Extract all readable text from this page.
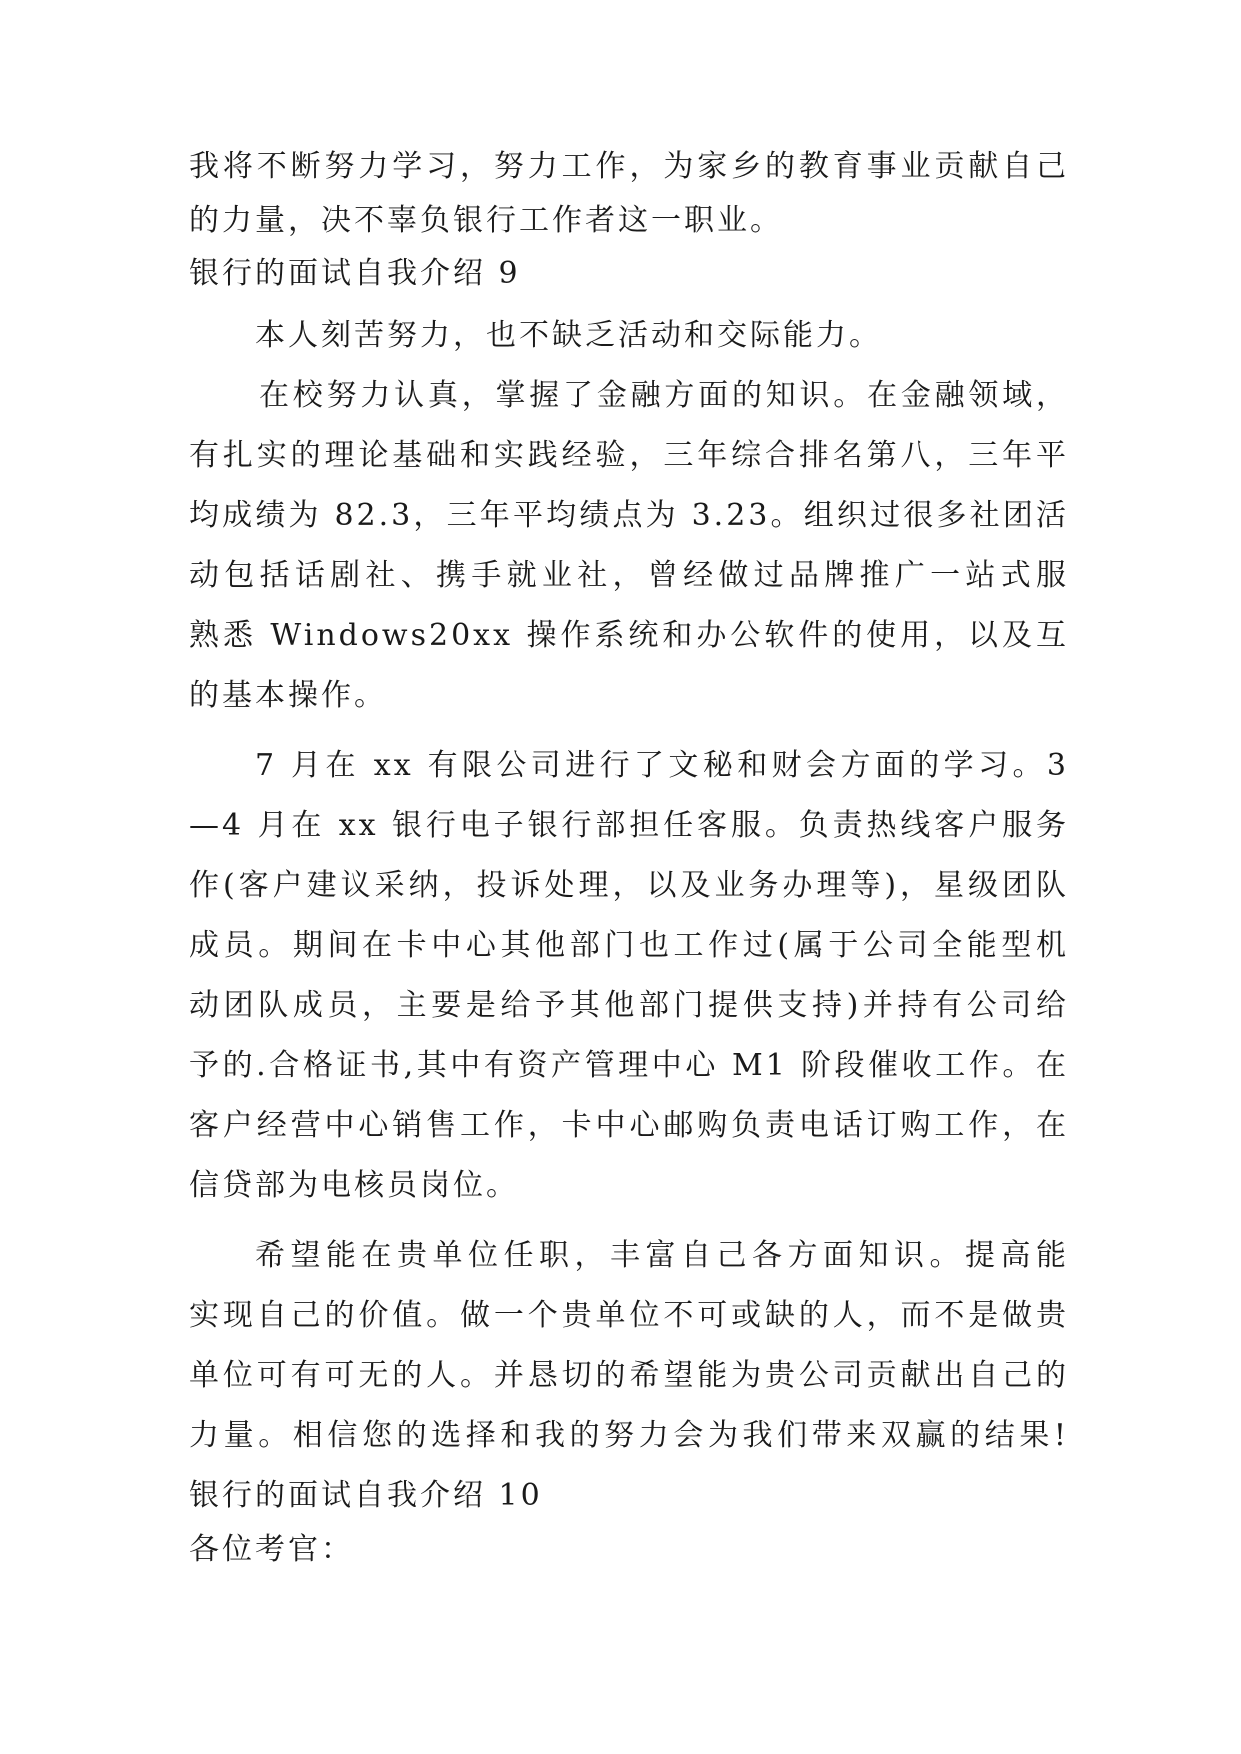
我将不断努力学习，努力工作，为家乡的教育事业贡献自己
的力量，决不辜负银行工作者这一职业。
银行的面试自我介绍 9
本人刻苦努力，也不缺乏活动和交际能力。
在校努力认真，掌握了金融方面的知识。在金融领域，
有扎实的理论基础和实践经验，三年综合排名第八，三年平
均成绩为 82.3，三年平均绩点为 3.23。组织过很多社团活
动包括话剧社、携手就业社，曾经做过品牌推广一站式服
熟悉 Windows20xx 操作系统和办公软件的使用，以及互
的基本操作。
7 月在 xx 有限公司进行了文秘和财会方面的学习。3
—4 月在 xx 银行电子银行部担任客服。负责热线客户服务
作(客户建议采纳，投诉处理，以及业务办理等)，星级团队
成员。期间在卡中心其他部门也工作过(属于公司全能型机
动团队成员，主要是给予其他部门提供支持)并持有公司给
予的.合格证书,其中有资产管理中心 M1 阶段催收工作。在
客户经营中心销售工作，卡中心邮购负责电话订购工作，在
信贷部为电核员岗位。
希望能在贵单位任职，丰富自己各方面知识。提高能
实现自己的价值。做一个贵单位不可或缺的人，而不是做贵
单位可有可无的人。并恳切的希望能为贵公司贡献出自己的
力量。相信您的选择和我的努力会为我们带来双赢的结果!
银行的面试自我介绍 10
各位考官：
